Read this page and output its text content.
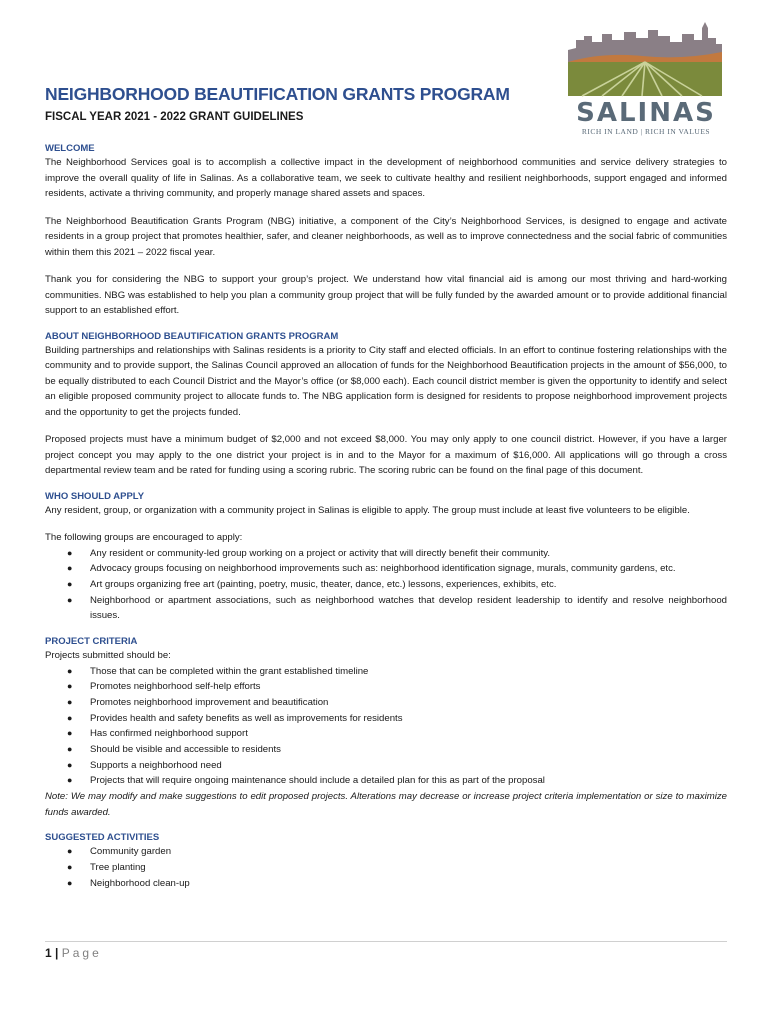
NEIGHBORHOOD BEAUTIFICATION GRANTS PROGRAM
FISCAL YEAR 2021 - 2022 GRANT GUIDELINES	SALINAS
RICH IN LAND | RICH IN VALUES
WELCOME

The Neighborhood Services goal is to accomplish a collective impact in the development of neighborhood communities and service delivery strategies to improve the overall quality of life in Salinas. As a collaborative team, we seek to cultivate healthy and resilient neighborhoods, support engaged and informed residents, activate a thriving community, and properly manage shared assets and spaces.

The Neighborhood Beautification Grants Program (NBG) initiative, a component of the City’s Neighborhood Services, is designed to engage and activate residents in a group project that promotes healthier, safer, and cleaner neighborhoods, as well as to improve connectedness and the social fabric of communities within them this 2021 – 2022 fiscal year.

Thank you for considering the NBG to support your group’s project. We understand how vital financial aid is among our most thriving and hard-working communities. NBG was established to help you plan a community group project that will be fully funded by the awarded amount or to provide additional financial support to an established effort.

ABOUT NEIGHBORHOOD BEAUTIFICATION GRANTS PROGRAM

Building partnerships and relationships with Salinas residents is a priority to City staff and elected officials. In an effort to continue fostering relationships with the community and to provide support, the Salinas Council approved an allocation of funds for the Neighborhood Beautification projects in the amount of $56,000, to be equally distributed to each Council District and the Mayor’s office (or $8,000 each). Each council district member is given the opportunity to identify and select an eligible proposed community project to allocate funds to. The NBG application form is designed for residents to propose neighborhood improvement projects and the opportunity to get the projects funded.

Proposed projects must have a minimum budget of $2,000 and not exceed $8,000. You may only apply to one council district. However, if you have a larger project concept you may apply to the one district your project is in and to the Mayor for a maximum of $16,000. All applications will go through a cross departmental review team and be rated for funding using a scoring rubric. The scoring rubric can be found on the final page of this document.

WHO SHOULD APPLY

Any resident, group, or organization with a community project in Salinas is eligible to apply. The group must include at least five volunteers to be eligible.

The following groups are encouraged to apply:

● Any resident or community-led group working on a project or activity that will directly benefit their community.
● Advocacy groups focusing on neighborhood improvements such as: neighborhood identification signage, murals, community gardens, etc.
● Art groups organizing free art (painting, poetry, music, theater, dance, etc.) lessons, experiences, exhibits, etc.
● Neighborhood or apartment associations, such as neighborhood watches that develop resident leadership to identify and resolve neighborhood issues.
PROJECT CRITERIA

Projects submitted should be:

● Those that can be completed within the grant established timeline
● Promotes neighborhood self-help efforts
● Promotes neighborhood improvement and beautification
● Provides health and safety benefits as well as improvements for residents
● Has confirmed neighborhood support
● Should be visible and accessible to residents
● Supports a neighborhood need
● Projects that will require ongoing maintenance should include a detailed plan for this as part of the proposal

Note: We may modify and make suggestions to edit proposed projects. Alterations may decrease or increase project criteria implementation or size to maximize funds awarded.

SUGGESTED ACTIVITIES
● Community garden
● Tree planting
● Neighborhood clean-up
1 | Page
